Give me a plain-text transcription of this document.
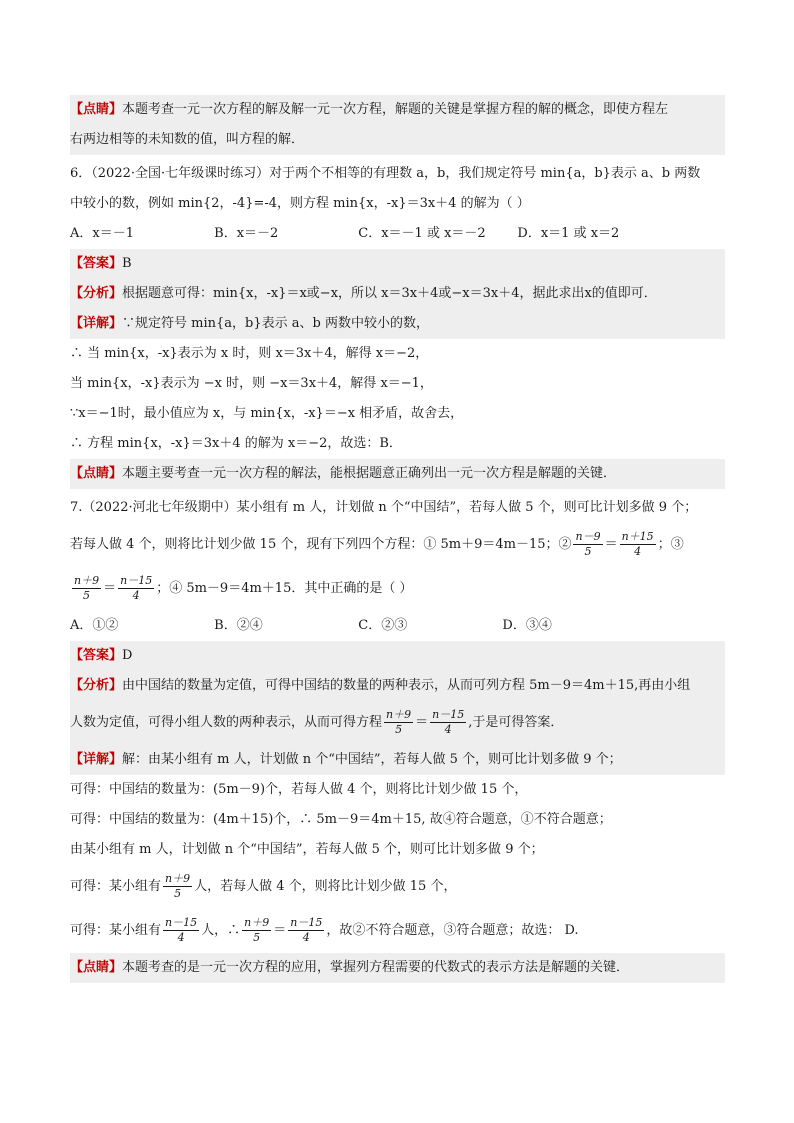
【点睛】本题考查一元一次方程的解及解一元一次方程，解题的关键是掌握方程的解的概念，即使方程左
右两边相等的未知数的值，叫方程的解．
6．（2022·全国·七年级课时练习）对于两个不相等的有理数 a，b，我们规定符号 min{a，b}表示 a、b 两数
中较小的数，例如 min{2，-4}=-4，则方程 min{x，-x}＝3x＋4 的解为（ ）
A．x＝－1	B．x＝－2	C．x＝－1 或 x＝－2 D．x＝1 或 x＝2
【答案】B
【分析】根据题意可得：min{x，-x}＝x或−x，所以 x＝3x＋4或−x＝3x＋4，据此求出x的值即可．
【详解】∵规定符号 min{a，b}表示 a、b 两数中较小的数，
∴ 当 min{x，-x}表示为 x 时，则 x＝3x＋4，解得 x＝−2，
当 min{x，-x}表示为 −x 时，则 −x＝3x＋4，解得 x＝−1，
∵x＝−1时，最小值应为 x，与 min{x，-x}＝−x 相矛盾，故舍去，
∴ 方程 min{x，-x}＝3x＋4 的解为 x＝−2，故选：B．
【点睛】本题主要考查一元一次方程的解法，能根据题意正确列出一元一次方程是解题的关键．
7.（2022·河北七年级期中）某小组有 m 人，计划做 n 个“中国结”，若每人做 5 个，则可比计划多做 9 个；
若每人做 4 个，则将比计划少做 15 个，现有下列四个方程：① 5m＋9＝4m－15；② $\frac{n-9}{5} = \frac{n+15}{4}$ ；③
$\frac{n+9}{5} = \frac{n-15}{4}$ ；④ 5m－9＝4m＋15．其中正确的是（ ）
A．①②	B．②④	C．②③	D．③④
【答案】D
【分析】由中国结的数量为定值，可得中国结的数量的两种表示，从而可列方程 5m－9＝4m＋15,再由小组
人数为定值，可得小组人数的两种表示，从而可得方程 $\frac{n+9}{5} = \frac{n-15}{4}$ ,于是可得答案．
【详解】解：由某小组有 m 人，计划做 n 个“中国结”，若每人做 5 个，则可比计划多做 9 个；
可得：中国结的数量为：(5m－9)个，若每人做 4 个，则将比计划少做 15 个，
可得：中国结的数量为：(4m＋15)个，∴ 5m－9＝4m＋15, 故④符合题意，①不符合题意；
由某小组有 m 人，计划做 n 个“中国结”，若每人做 5 个，则可比计划多做 9 个；
可得：某小组有 $\frac{n+9}{5}$ 人，若每人做 4 个，则将比计划少做 15 个，
可得：某小组有 $\frac{n-15}{4}$ 人，∴ $\frac{n+9}{5} = \frac{n-15}{4}$ ，故②不符合题意，③符合题意；故选： D.
【点睛】本题考查的是一元一次方程的应用，掌握列方程需要的代数式的表示方法是解题的关键．
